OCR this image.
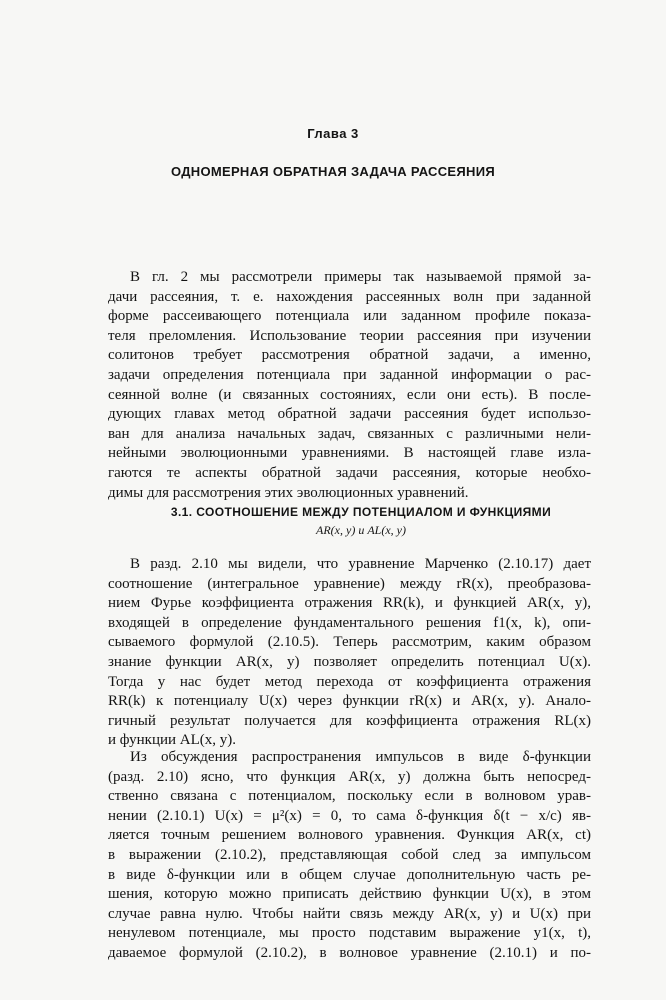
Глава 3
ОДНОМЕРНАЯ ОБРАТНАЯ ЗАДАЧА РАССЕЯНИЯ
В гл. 2 мы рассмотрели примеры так называемой прямой за-
дачи рассеяния, т. е. нахождения рассеянных волн при заданной
форме рассеивающего потенциала или заданном профиле показа-
теля преломления. Использование теории рассеяния при изучении
солитонов требует рассмотрения обратной задачи, а именно,
задачи определения потенциала при заданной информации о рас-
сеянной волне (и связанных состояниях, если они есть). В после-
дующих главах метод обратной задачи рассеяния будет использо-
ван для анализа начальных задач, связанных с различными нели-
нейными эволюционными уравнениями. В настоящей главе изла-
гаются те аспекты обратной задачи рассеяния, которые необхо-
димы для рассмотрения этих эволюционных уравнений.
3.1. СООТНОШЕНИЕ МЕЖДУ ПОТЕНЦИАЛОМ И ФУНКЦИЯМИ
AR(x, y) и AL(x, y)
В разд. 2.10 мы видели, что уравнение Марченко (2.10.17) дает
соотношение (интегральное уравнение) между rR(x), преобразова-
нием Фурье коэффициента отражения RR(k), и функцией AR(x, y),
входящей в определение фундаментального решения f1(x, k), опи-
сываемого формулой (2.10.5). Теперь рассмотрим, каким образом
знание функции AR(x, y) позволяет определить потенциал U(x).
Тогда у нас будет метод перехода от коэффициента отражения
RR(k) к потенциалу U(x) через функции rR(x) и AR(x, y). Анало-
гичный результат получается для коэффициента отражения RL(x)
и функции AL(x, y).
Из обсуждения распространения импульсов в виде δ-функции
(разд. 2.10) ясно, что функция AR(x, y) должна быть непосред-
ственно связана с потенциалом, поскольку если в волновом урав-
нении (2.10.1) U(x) = μ²(x) = 0, то сама δ-функция δ(t − x/c) яв-
ляется точным решением волнового уравнения. Функция AR(x, ct)
в выражении (2.10.2), представляющая собой след за импульсом
в виде δ-функции или в общем случае дополнительную часть ре-
шения, которую можно приписать действию функции U(x), в этом
случае равна нулю. Чтобы найти связь между AR(x, y) и U(x) при
ненулевом потенциале, мы просто подставим выражение y1(x, t),
даваемое формулой (2.10.2), в волновое уравнение (2.10.1) и по-
